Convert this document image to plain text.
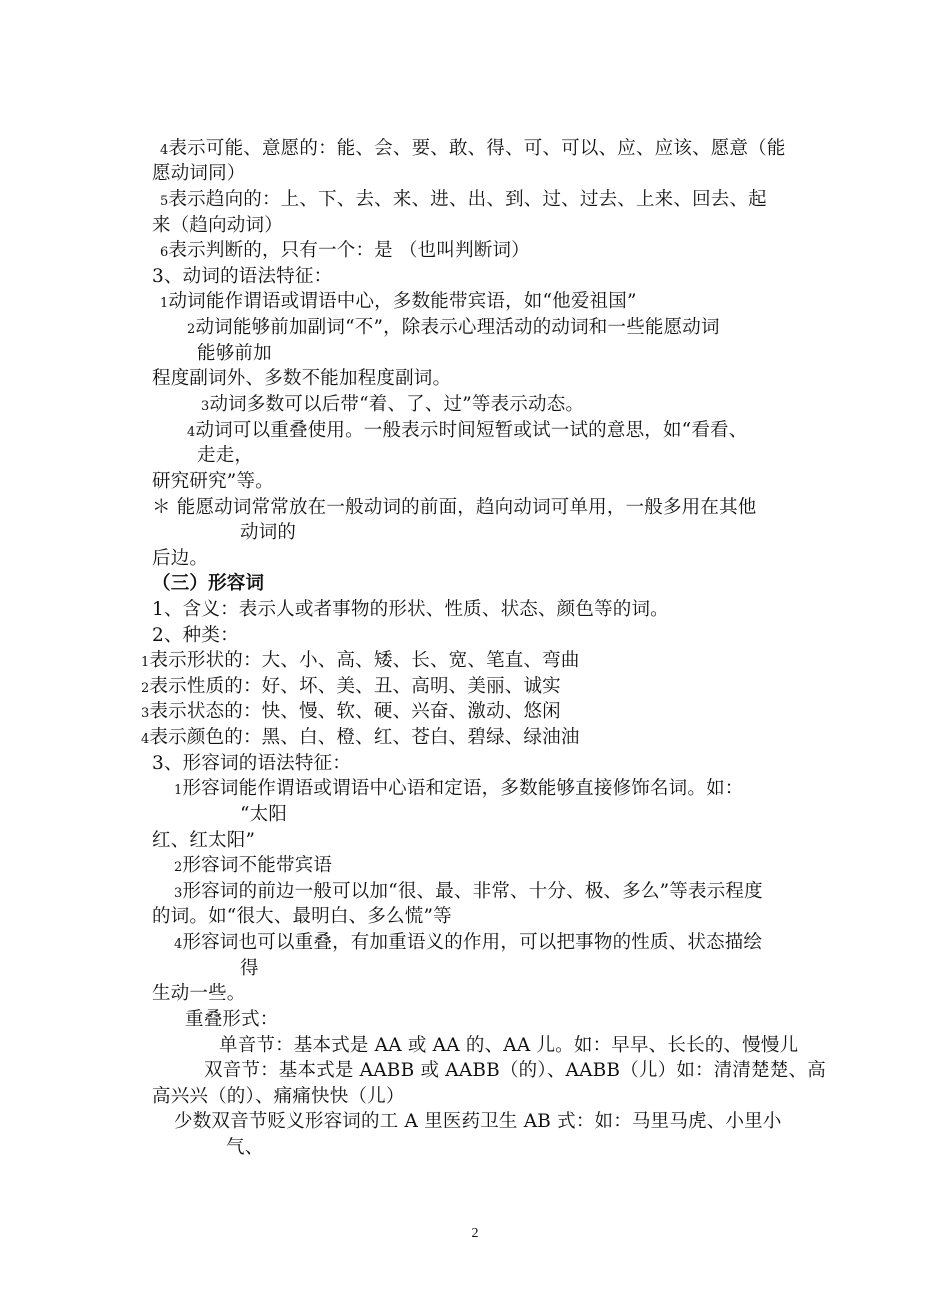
4表示可能、意愿的：能、会、要、敢、得、可、可以、应、应该、愿意（能
愿动词同）
5表示趋向的：上、下、去、来、进、出、到、过、过去、上来、回去、起
来（趋向动词）
6表示判断的，只有一个：是 （也叫判断词）
3、动词的语法特征：
1动词能作谓语或谓语中心，多数能带宾语，如“他爱祖国”
2动词能够前加副词“不”，除表示心理活动的动词和一些能愿动词
能够前加
程度副词外、多数不能加程度副词。
3动词多数可以后带“着、了、过”等表示动态。
4动词可以重叠使用。一般表示时间短暂或试一试的意思，如“看看、
走走，
研究研究”等。
＊ 能愿动词常常放在一般动词的前面，趋向动词可单用，一般多用在其他
动词的
后边。
（三）形容词
1、含义：表示人或者事物的形状、性质、状态、颜色等的词。
2、种类：
1表示形状的：大、小、高、矮、长、宽、笔直、弯曲
2表示性质的：好、坏、美、丑、高明、美丽、诚实
3表示状态的：快、慢、软、硬、兴奋、激动、悠闲
4表示颜色的：黑、白、橙、红、苍白、碧绿、绿油油
3、形容词的语法特征：
1形容词能作谓语或谓语中心语和定语，多数能够直接修饰名词。如：
“太阳
红、红太阳”
2形容词不能带宾语
3形容词的前边一般可以加“很、最、非常、十分、极、多么”等表示程度
的词。如“很大、最明白、多么慌”等
4形容词也可以重叠，有加重语义的作用，可以把事物的性质、状态描绘
得
生动一些。
重叠形式：
单音节：基本式是 AA 或 AA 的、AA 儿。如：早早、长长的、慢慢儿
双音节：基本式是 AABB 或 AABB（的）、AABB（儿）如：清清楚楚、高
高兴兴（的）、痛痛快快（儿）
少数双音节贬义形容词的工 A 里医药卫生 AB 式：如：马里马虎、小里小
气、
2
